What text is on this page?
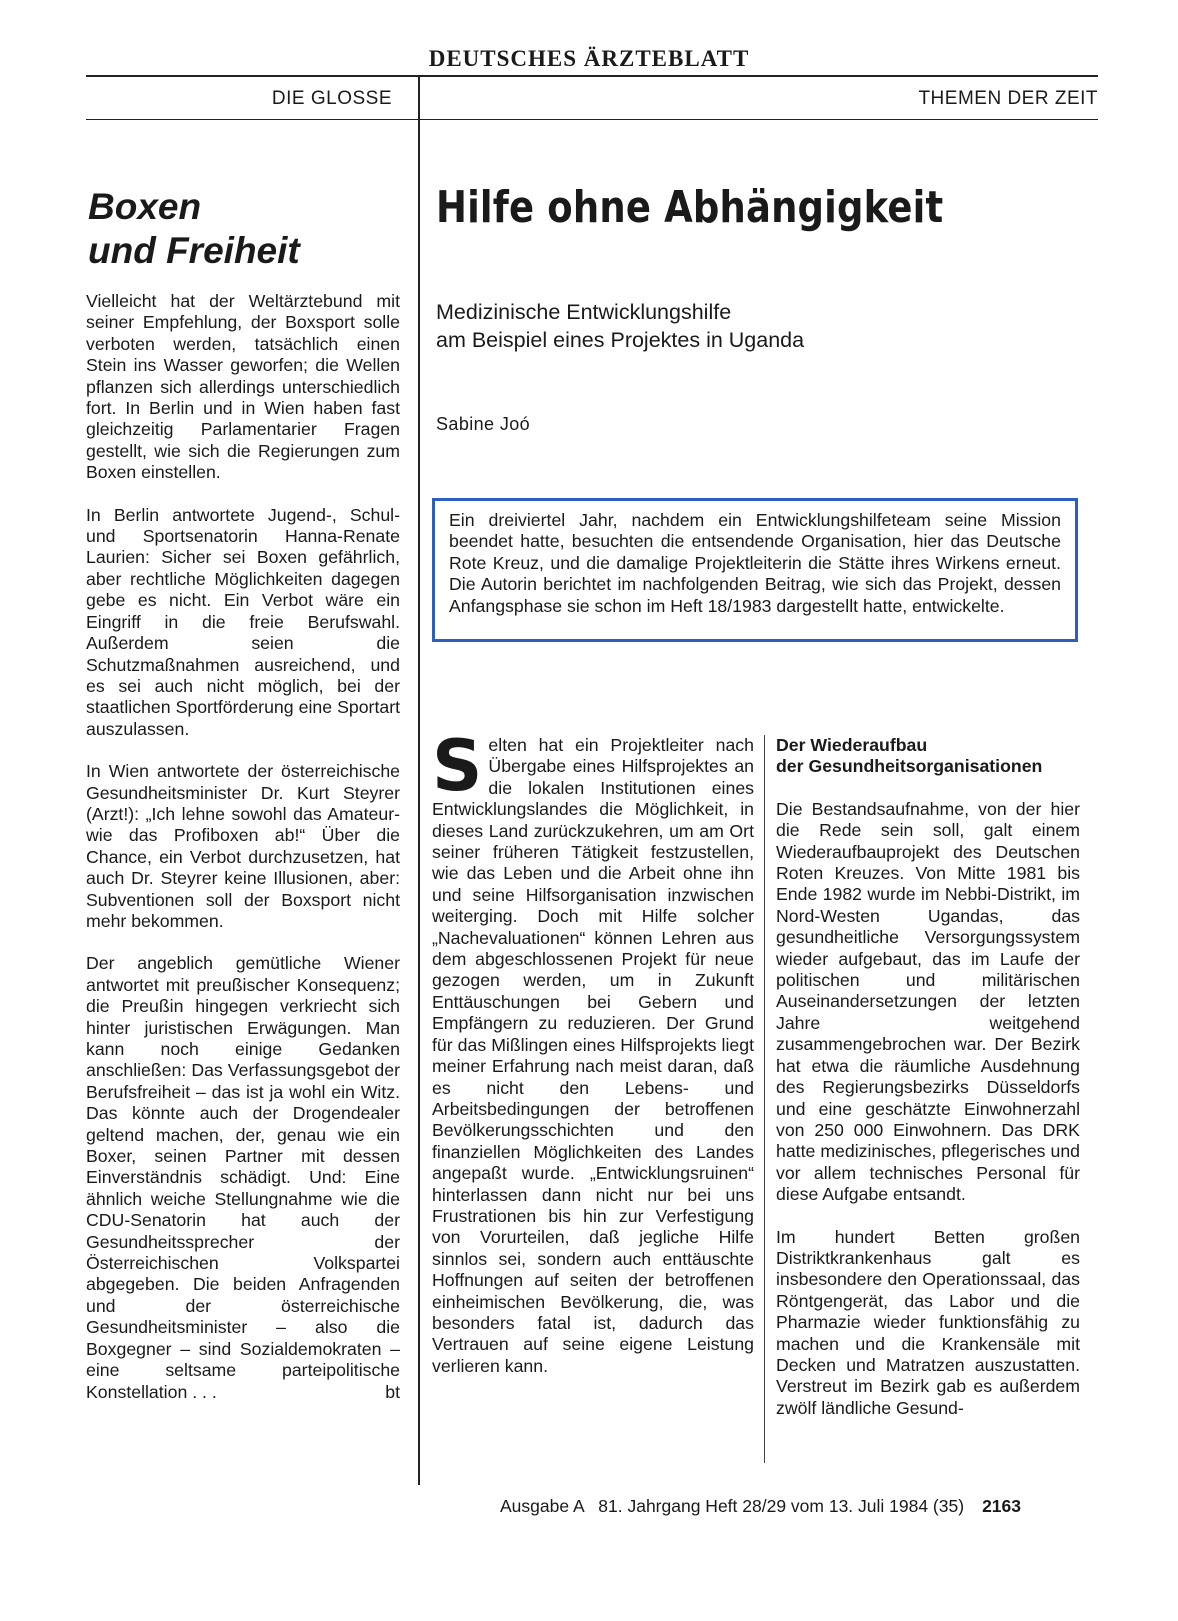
DEUTSCHES ÄRZTEBLATT
DIE GLOSSE	THEMEN DER ZEIT
Boxen
und Freiheit

Vielleicht hat der Weltärztebund mit seiner Empfehlung, der Boxsport solle verboten werden, tatsächlich einen Stein ins Wasser geworfen; die Wellen pflanzen sich allerdings unterschiedlich fort. In Berlin und in Wien haben fast gleichzeitig Parlamentarier Fragen gestellt, wie sich die Regierungen zum Boxen einstellen.

In Berlin antwortete Jugend-, Schul- und Sportsenatorin Hanna-Renate Laurien: Sicher sei Boxen gefährlich, aber rechtliche Möglichkeiten dagegen gebe es nicht. Ein Verbot wäre ein Eingriff in die freie Berufswahl. Außerdem seien die Schutzmaßnahmen ausreichend, und es sei auch nicht möglich, bei der staatlichen Sportförderung eine Sportart auszulassen.

In Wien antwortete der österreichische Gesundheitsminister Dr. Kurt Steyrer (Arzt!): „Ich lehne sowohl das Amateur- wie das Profiboxen ab!“ Über die Chance, ein Verbot durchzusetzen, hat auch Dr. Steyrer keine Illusionen, aber: Subventionen soll der Boxsport nicht mehr bekommen.

Der angeblich gemütliche Wiener antwortet mit preußischer Konsequenz; die Preußin hingegen verkriecht sich hinter juristischen Erwägungen. Man kann noch einige Gedanken anschließen: Das Verfassungsgebot der Berufsfreiheit – das ist ja wohl ein Witz. Das könnte auch der Drogendealer geltend machen, der, genau wie ein Boxer, seinen Partner mit dessen Einverständnis schädigt. Und: Eine ähnlich weiche Stellungnahme wie die CDU-Senatorin hat auch der Gesundheitssprecher der Österreichischen Volkspartei abgegeben. Die beiden Anfragenden und der österreichische Gesundheitsminister – also die Boxgegner – sind Sozialdemokraten – eine seltsame parteipolitische Konstellation . . .	bt

Hilfe ohne Abhängigkeit
Medizinische Entwicklungshilfe
am Beispiel eines Projektes in Uganda
Sabine Joó
Ein dreiviertel Jahr, nachdem ein Entwicklungshilfeteam seine Mission beendet hatte, besuchten die entsendende Organisation, hier das Deutsche Rote Kreuz, und die damalige Projektleiterin die Stätte ihres Wirkens erneut. Die Autorin berichtet im nachfolgenden Beitrag, wie sich das Projekt, dessen Anfangsphase sie schon im Heft 18/1983 dargestellt hatte, entwickelte.
Selten hat ein Projektleiter nach Übergabe eines Hilfsprojektes an die lokalen Institutionen eines Entwicklungslandes die Möglichkeit, in dieses Land zurückzukehren, um am Ort seiner früheren Tätigkeit festzustellen, wie das Leben und die Arbeit ohne ihn und seine Hilfsorganisation inzwischen weiterging. Doch mit Hilfe solcher „Nachevaluationen“ können Lehren aus dem abgeschlossenen Projekt für neue gezogen werden, um in Zukunft Enttäuschungen bei Gebern und Empfängern zu reduzieren. Der Grund für das Mißlingen eines Hilfsprojekts liegt meiner Erfahrung nach meist daran, daß es nicht den Lebens- und Arbeitsbedingungen der betroffenen Bevölkerungsschichten und den finanziellen Möglichkeiten des Landes angepaßt wurde. „Entwicklungsruinen“ hinterlassen dann nicht nur bei uns Frustrationen bis hin zur Verfestigung von Vorurteilen, daß jegliche Hilfe sinnlos sei, sondern auch enttäuschte Hoffnungen auf seiten der betroffenen einheimischen Bevölkerung, die, was besonders fatal ist, dadurch das Vertrauen auf seine eigene Leistung verlieren kann.
Der Wiederaufbau
der Gesundheitsorganisationen

Die Bestandsaufnahme, von der hier die Rede sein soll, galt einem Wiederaufbauprojekt des Deutschen Roten Kreuzes. Von Mitte 1981 bis Ende 1982 wurde im Nebbi-Distrikt, im Nord-Westen Ugandas, das gesundheitliche Versorgungssystem wieder aufgebaut, das im Laufe der politischen und militärischen Auseinandersetzungen der letzten Jahre weitgehend zusammengebrochen war. Der Bezirk hat etwa die räumliche Ausdehnung des Regierungsbezirks Düsseldorfs und eine geschätzte Einwohnerzahl von 250 000 Einwohnern. Das DRK hatte medizinisches, pflegerisches und vor allem technisches Personal für diese Aufgabe entsandt.

Im hundert Betten großen Distriktkrankenhaus galt es insbesondere den Operationssaal, das Röntgengerät, das Labor und die Pharmazie wieder funktionsfähig zu machen und die Krankensäle mit Decken und Matratzen auszustatten. Verstreut im Bezirk gab es außerdem zwölf ländliche Gesund-

Ausgabe A   81. Jahrgang Heft 28/29 vom 13. Juli 1984 (35) 2163
